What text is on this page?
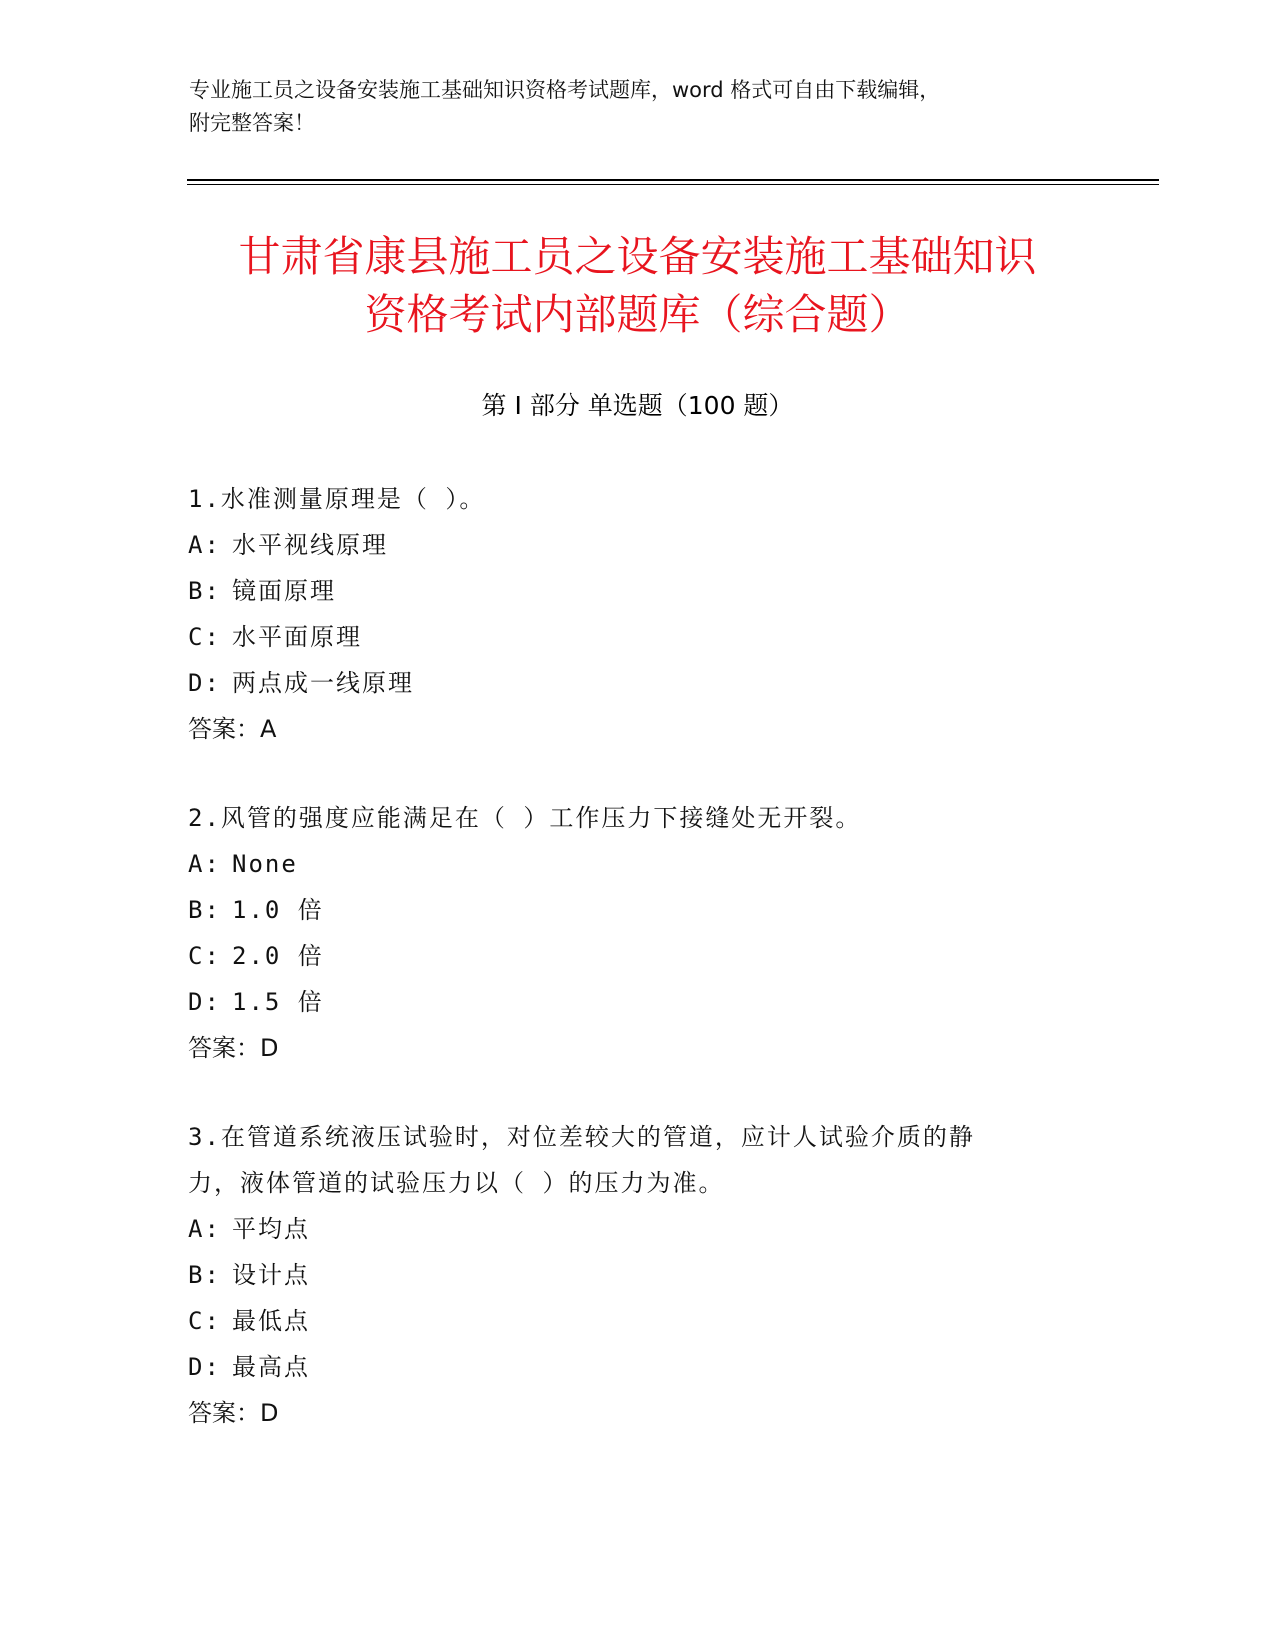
专业施工员之设备安装施工基础知识资格考试题库，word 格式可自由下载编辑，
附完整答案！
甘肃省康县施工员之设备安装施工基础知识
资格考试内部题库（综合题）
第 I 部分 单选题（100 题）
1.水准测量原理是（ ）。
A: 水平视线原理
B: 镜面原理
C: 水平面原理
D: 两点成一线原理
答案：A
2.风管的强度应能满足在（ ）工作压力下接缝处无开裂。
A: None
B: 1.0 倍
C: 2.0 倍
D: 1.5 倍
答案：D
3.在管道系统液压试验时，对位差较大的管道，应计人试验介质的静
力，液体管道的试验压力以（ ）的压力为准。
A: 平均点
B: 设计点
C: 最低点
D: 最高点
答案：D
